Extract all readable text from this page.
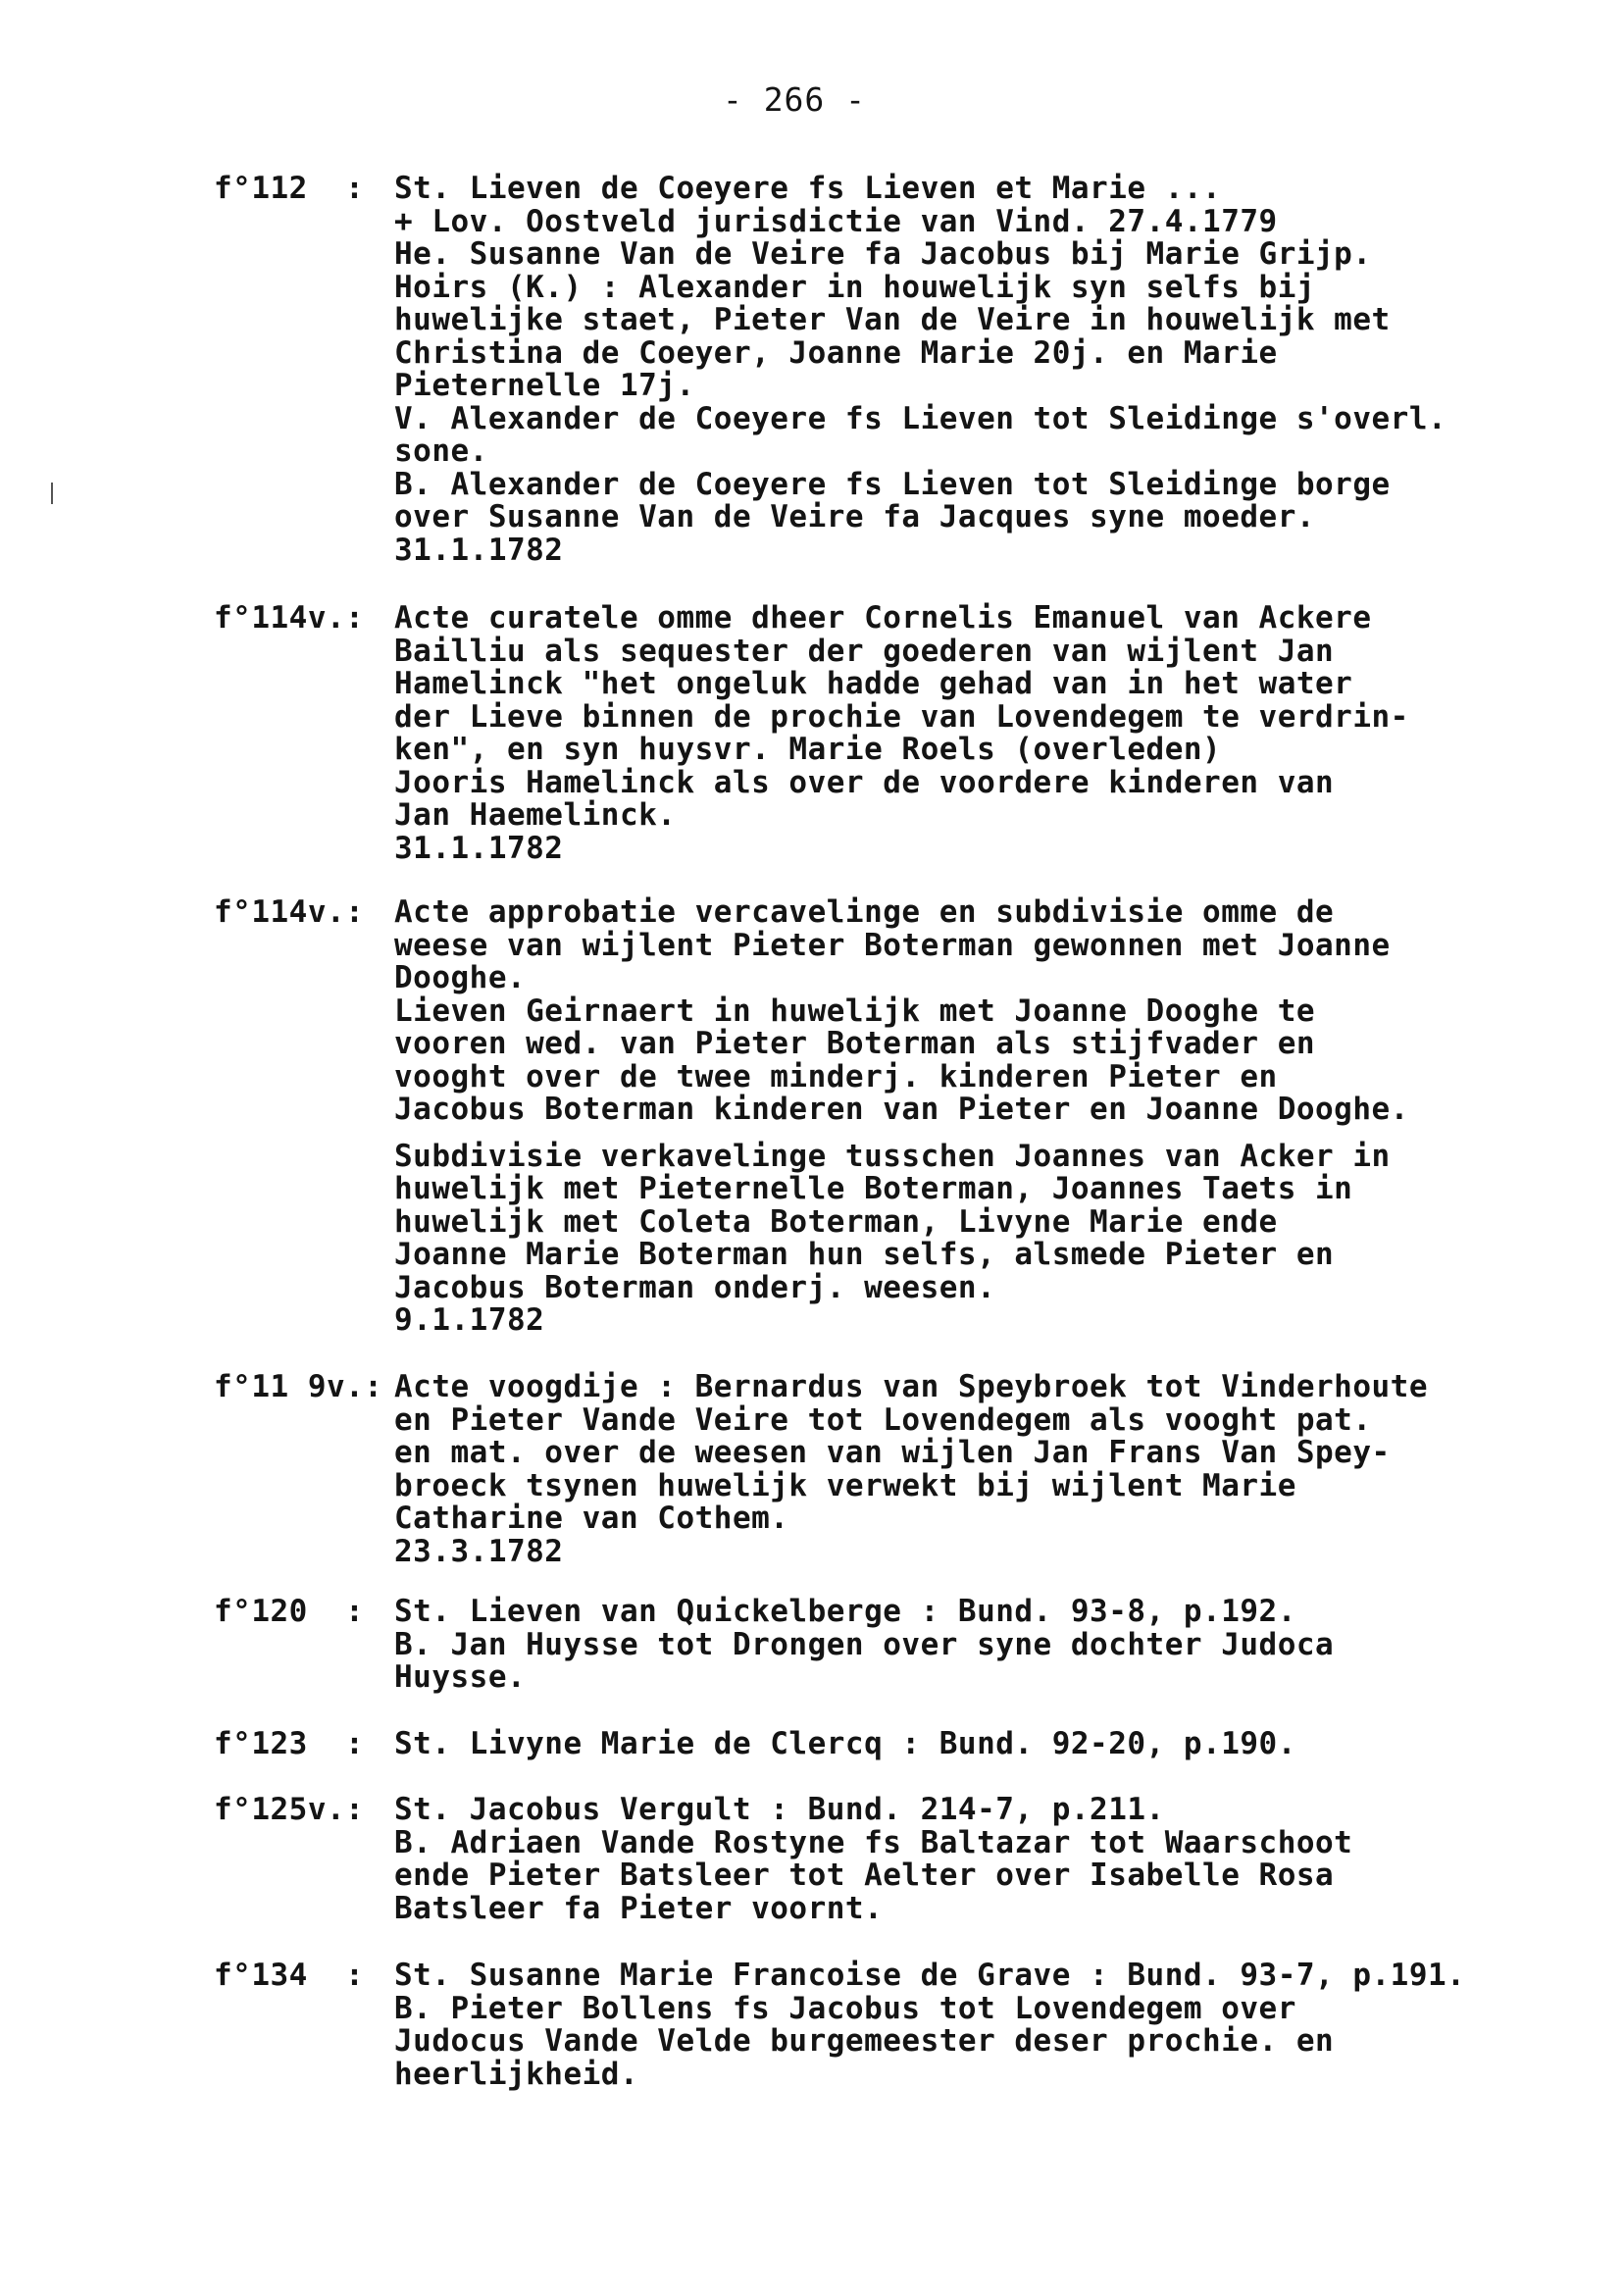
- 266 -
f°112  : St. Lieven de Coeyere fs Lieven et Marie ...
+ Lov. Oostveld jurisdictie van Vind. 27.4.1779
He. Susanne Van de Veire fa Jacobus bij Marie Grijp.
Hoirs (K.) : Alexander in houwelijk syn selfs bij
huwelijke staet, Pieter Van de Veire in houwelijk met
Christina de Coeyer, Joanne Marie 20j. en Marie
Pieternelle 17j.
V. Alexander de Coeyere fs Lieven tot Sleidinge s'overl.
sone.
B. Alexander de Coeyere fs Lieven tot Sleidinge borge
over Susanne Van de Veire fa Jacques syne moeder.
31.1.1782
f°114v.: Acte curatele omme dheer Cornelis Emanuel van Ackere
Bailliu als sequester der goederen van wijlent Jan
Hamelinck "het ongeluk hadde gehad van in het water
der Lieve binnen de prochie van Lovendegem te verdrin-
ken", en syn huysvr. Marie Roels (overleden)
Jooris Hamelinck als over de voordere kinderen van
Jan Haemelinck.
31.1.1782
f°114v.: Acte approbatie vercavelinge en subdivisie omme de
weese van wijlent Pieter Boterman gewonnen met Joanne
Dooghe.
Lieven Geirnaert in huwelijk met Joanne Dooghe te
vooren wed. van Pieter Boterman als stijfvader en
vooght over de twee minderj. kinderen Pieter en
Jacobus Boterman kinderen van Pieter en Joanne Dooghe.
Subdivisie verkavelinge tusschen Joannes van Acker in
huwelijk met Pieternelle Boterman, Joannes Taets in
huwelijk met Coleta Boterman, Livyne Marie ende
Joanne Marie Boterman hun selfs, alsmede Pieter en
Jacobus Boterman onderj. weesen.
9.1.1782
f°11 9v.: Acte voogdije : Bernardus van Speybroek tot Vinderhoute
en Pieter Vande Veire tot Lovendegem als vooght pat.
en mat. over de weesen van wijlen Jan Frans Van Spey-
broeck tsynen huwelijk verwekt bij wijlent Marie
Catharine van Cothem.
23.3.1782
f°120  : St. Lieven van Quickelberge : Bund. 93-8, p.192.
B. Jan Huysse tot Drongen over syne dochter Judoca
Huysse.
f°123  : St. Livyne Marie de Clercq : Bund. 92-20, p.190.
f°125v.: St. Jacobus Vergult : Bund. 214-7, p.211.
B. Adriaen Vande Rostyne fs Baltazar tot Waarschoot
ende Pieter Batsleer tot Aelter over Isabelle Rosa
Batsleer fa Pieter voornt.
f°134  : St. Susanne Marie Francoise de Grave : Bund. 93-7, p.191.
B. Pieter Bollens fs Jacobus tot Lovendegem over
Judocus Vande Velde burgemeester deser prochie. en
heerlijkheid.
